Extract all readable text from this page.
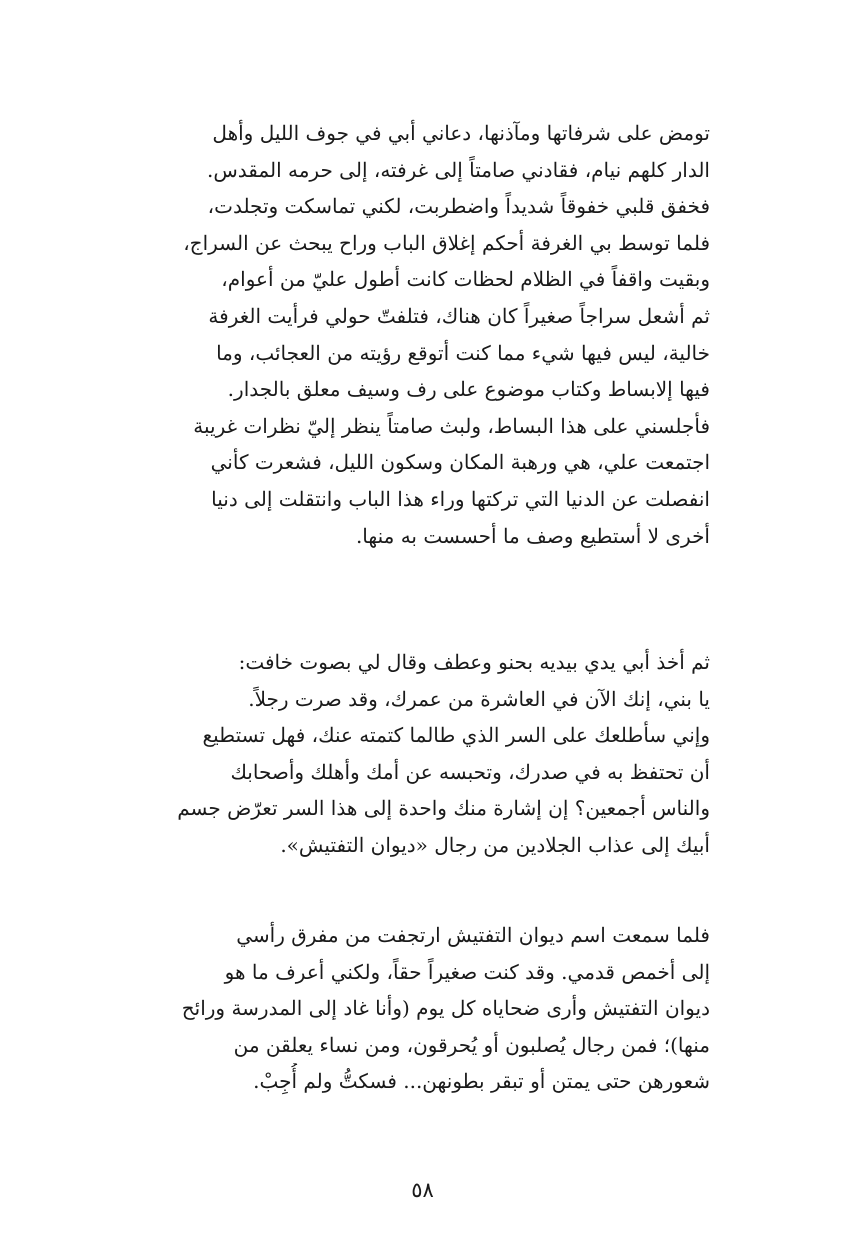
تومض على شرفاتها ومآذنها، دعاني أبي في جوف الليل وأهل
الدار كلهم نيام، فقادني صامتاً إلى غرفته، إلى حرمه المقدس.
فخفق قلبي خفوقاً شديداً واضطربت، لكني تماسكت وتجلدت،
فلما توسط بي الغرفة أحكم إغلاق الباب وراح يبحث عن السراج،
وبقيت واقفاً في الظلام لحظات كانت أطول عليّ من أعوام،
ثم أشعل سراجاً صغيراً كان هناك، فتلفتّ حولي فرأيت الغرفة
خالية، ليس فيها شيء مما كنت أتوقع رؤيته من العجائب، وما
فيها إلابساط وكتاب موضوع على رف وسيف معلق بالجدار.
فأجلسني على هذا البساط، ولبث صامتاً ينظر إليّ نظرات غريبة
اجتمعت علي، هي ورهبة المكان وسكون الليل، فشعرت كأني
انفصلت عن الدنيا التي تركتها وراء هذا الباب وانتقلت إلى دنيا
أخرى لا أستطيع وصف ما أحسست به منها.
ثم أخذ أبي يدي بيديه بحنو وعطف وقال لي بصوت خافت:
يا بني، إنك الآن في العاشرة من عمرك، وقد صرت رجلاً.
وإني سأطلعك على السر الذي طالما كتمته عنك، فهل تستطيع
أن تحتفظ به في صدرك، وتحبسه عن أمك وأهلك وأصحابك
والناس أجمعين؟ إن إشارة منك واحدة إلى هذا السر تعرّض جسم
أبيك إلى عذاب الجلادين من رجال «ديوان التفتيش».
فلما سمعت اسم ديوان التفتيش ارتجفت من مفرق رأسي
إلى أخمص قدمي. وقد كنت صغيراً حقاً، ولكني أعرف ما هو
ديوان التفتيش وأرى ضحاياه كل يوم (وأنا غاد إلى المدرسة ورائح
منها)؛ فمن رجال يُصلبون أو يُحرقون، ومن نساء يعلقن من
شعورهن حتى يمتن أو تبقر بطونهن... فسكتُّ ولم أُجِبْ.
٥٨
